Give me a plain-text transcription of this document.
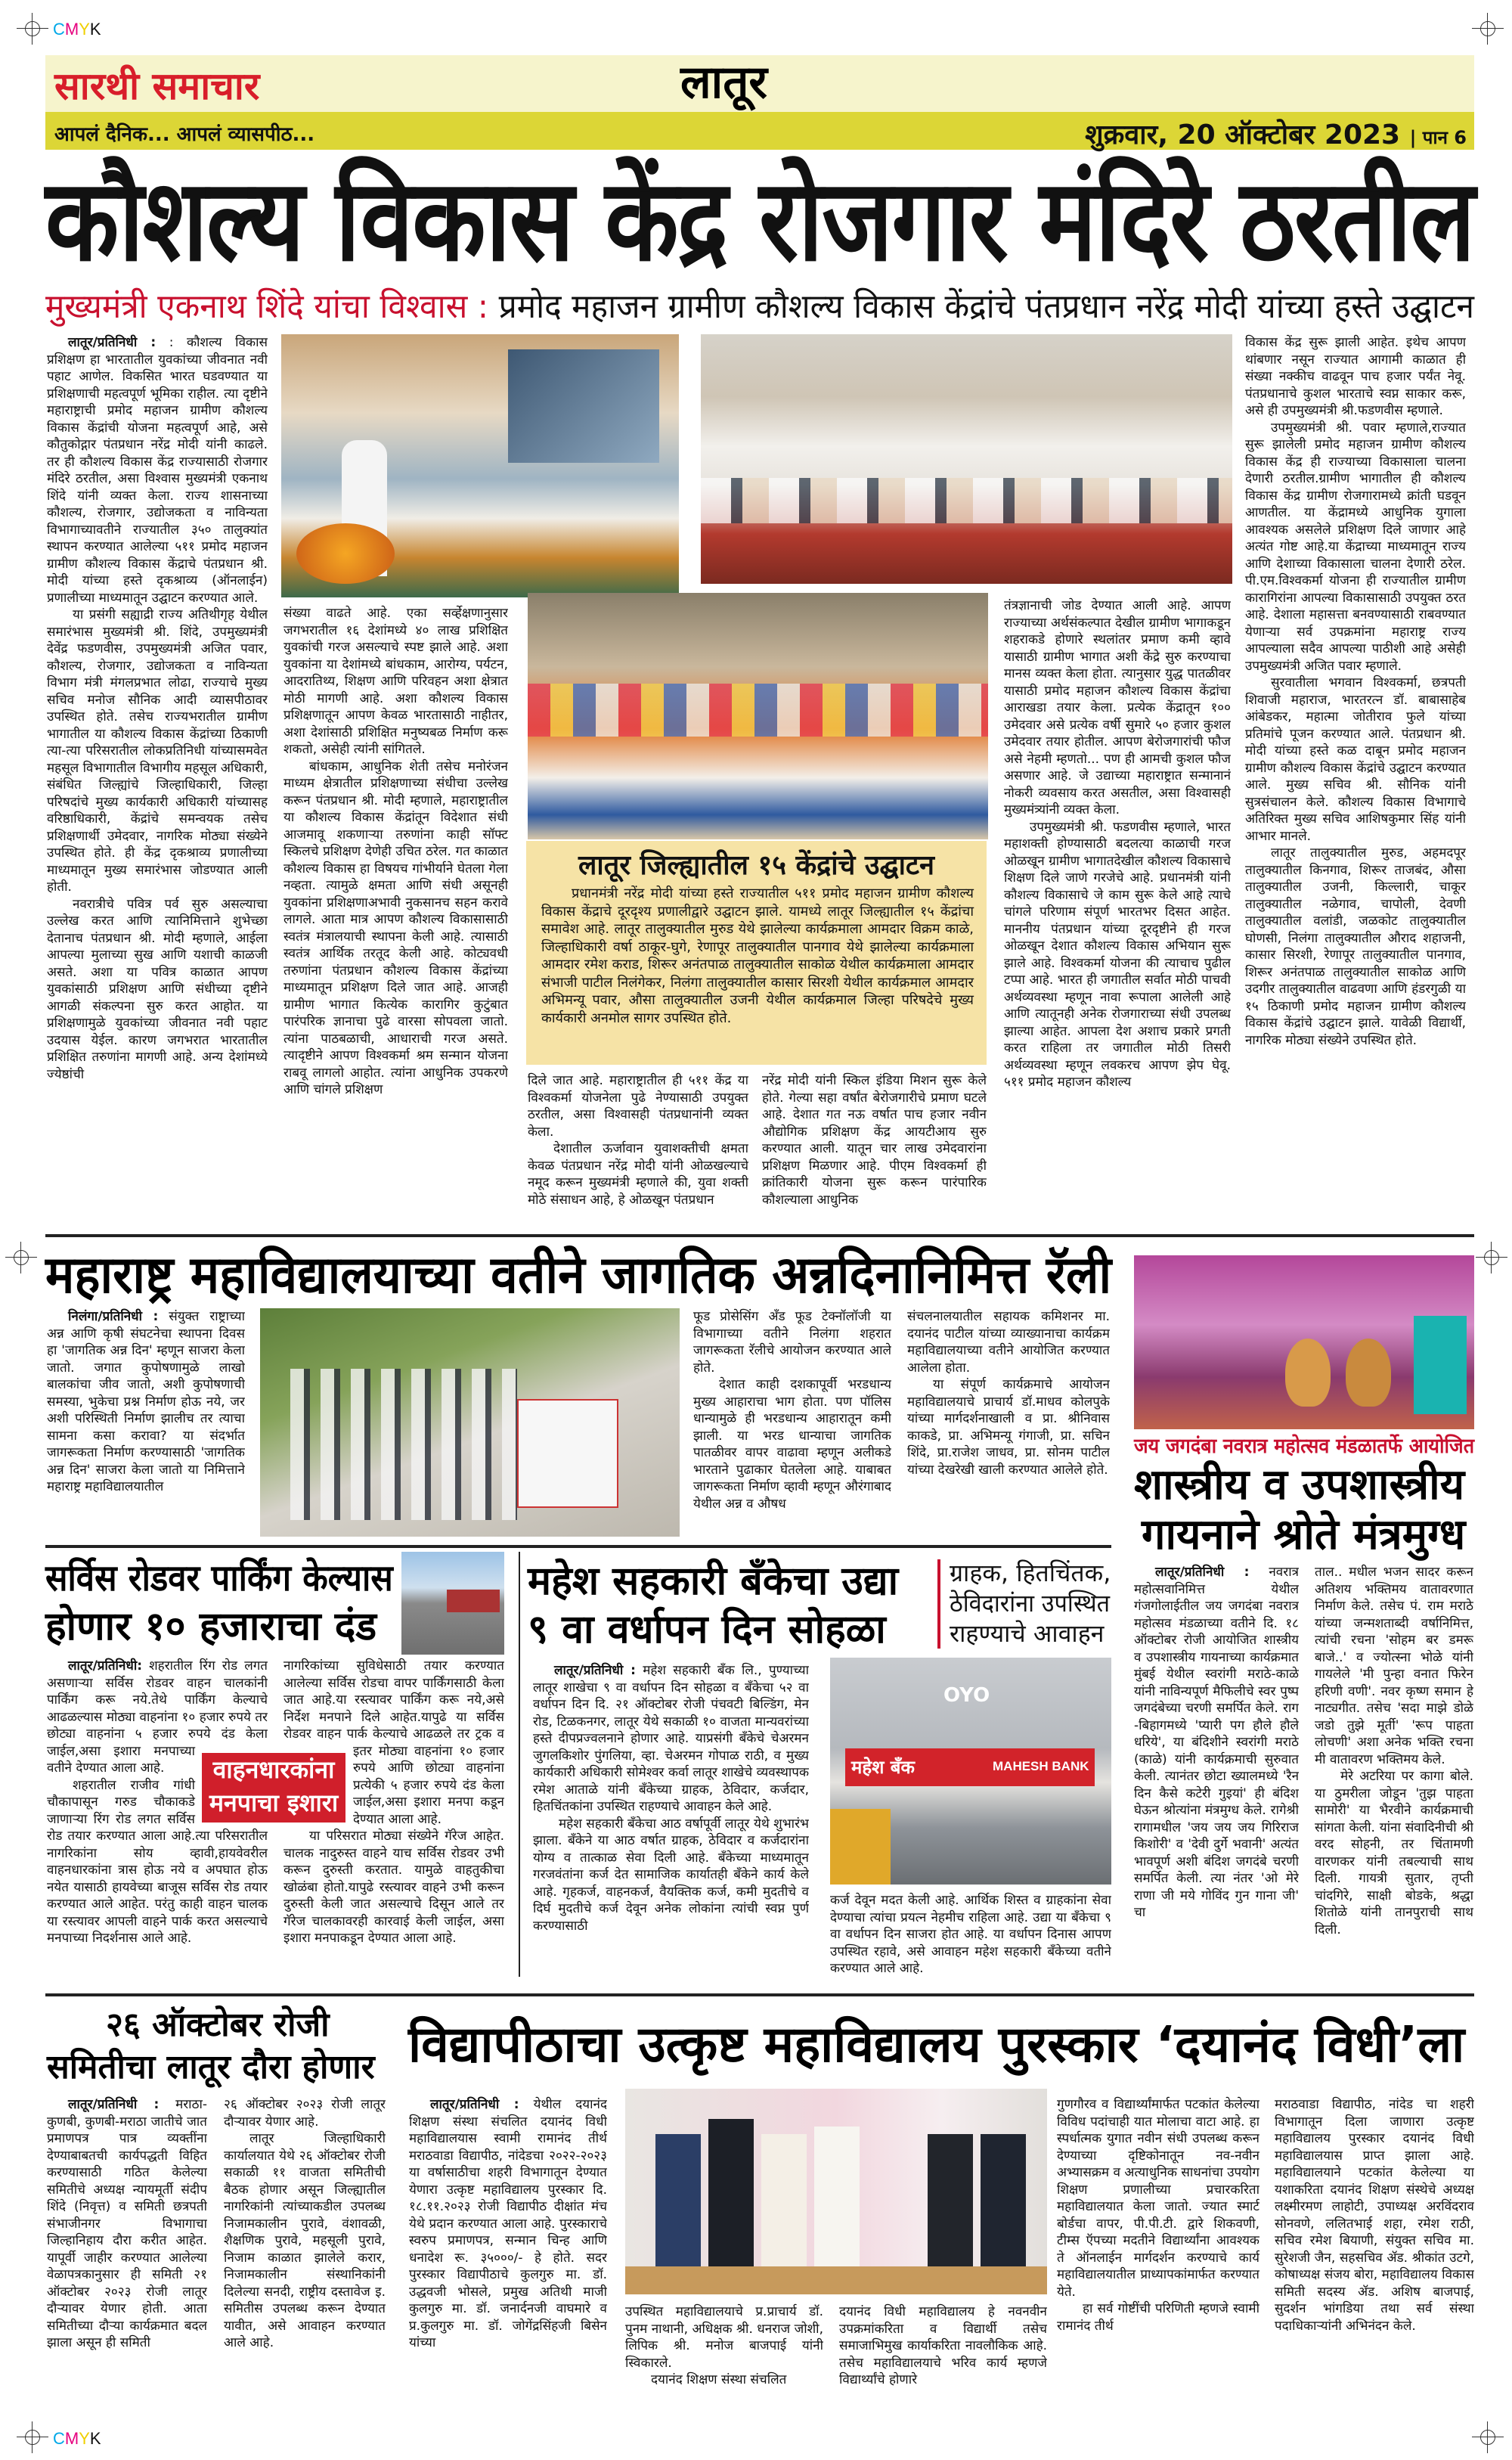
CMYK
CMYK
सारथी समाचार	लातूर
आपलं दैनिक... आपलं व्यासपीठ...	शुक्रवार, 20 ऑक्टोबर 2023 | पान 6
कौशल्य विकास केंद्र रोजगार मंदिरे ठरतील
मुख्यमंत्री एकनाथ शिंदे यांचा विश्वास : प्रमोद महाजन ग्रामीण कौशल्य विकास केंद्रांचे पंतप्रधान नरेंद्र मोदी यांच्या हस्ते उद्घाटन

लातूर/प्रतिनिधी : : कौशल्य विकास प्रशिक्षण हा भारतातील युवकांच्या जीवनात नवी पहाट आणेल. विकसित भारत घडवण्यात या प्रशिक्षणाची महत्वपूर्ण भूमिका राहील. त्या दृष्टीने महाराष्ट्राची प्रमोद महाजन ग्रामीण कौशल्य विकास केंद्रांची योजना महत्वपूर्ण आहे, असे कौतुकोद्गार पंतप्रधान नरेंद्र मोदी यांनी काढले. तर ही कौशल्य विकास केंद्र राज्यासाठी रोजगार मंदिरे ठरतील, असा विश्वास मुख्यमंत्री एकनाथ शिंदे यांनी व्यक्त केला. राज्य शासनाच्या कौशल्य, रोजगार, उद्योजकता व नाविन्यता विभागाच्यावतीने राज्यातील ३५० तालुक्यांत स्थापन करण्यात आलेल्या ५११ प्रमोद महाजन ग्रामीण कौशल्य विकास केंद्राचे पंतप्रधान श्री. मोदी यांच्या हस्ते दृकश्राव्य (ऑनलाईन) प्रणालीच्या माध्यमातून उद्घाटन करण्यात आले.

या प्रसंगी सह्याद्री राज्य अतिथीगृह येथील समारंभास मुख्यमंत्री श्री. शिंदे, उपमुख्यमंत्री देवेंद्र फडणवीस, उपमुख्यमंत्री अजित पवार, कौशल्य, रोजगार, उद्योजकता व नाविन्यता विभाग मंत्री मंगलप्रभात लोढा, राज्याचे मुख्य सचिव मनोज सौनिक आदी व्यासपीठावर उपस्थित होते. तसेच राज्यभरातील ग्रामीण भागातील या कौशल्य विकास केंद्रांच्या ठिकाणी त्या-त्या परिसरातील लोकप्रतिनिधी यांच्यासमवेत महसूल विभागातील विभागीय महसूल अधिकारी, संबंधित जिल्ह्यांचे जिल्हाधिकारी, जिल्हा परिषदांचे मुख्य कार्यकारी अधिकारी यांच्यासह वरिष्ठाधिकारी, केंद्रांचे समन्वयक तसेच प्रशिक्षणार्थी उमेदवार, नागरिक मोठ्या संख्येने उपस्थित होते. ही केंद्र दृकश्राव्य प्रणालीच्या माध्यमातून मुख्य समारंभास जोडण्यात आली होती.

नवरात्रीचे पवित्र पर्व सुरु असल्याचा उल्लेख करत आणि त्यानिमित्ताने शुभेच्छा देतानाच पंतप्रधान श्री. मोदी म्हणाले, आईला आपल्या मुलाच्या सुख आणि यशाची काळजी असते. अशा या पवित्र काळात आपण युवकांसाठी प्रशिक्षण आणि संधीच्या दृष्टीने आगळी संकल्पना सुरु करत आहोत. या प्रशिक्षणामुळे युवकांच्या जीवनात नवी पहाट उदयास येईल. कारण जगभरात भारतातील प्रशिक्षित तरुणांना मागणी आहे. अन्य देशांमध्ये ज्येष्ठांची

संख्या वाढते आहे. एका सर्व्हेक्षणानुसार जगभरातील १६ देशांमध्ये ४० लाख प्रशिक्षित युवकांची गरज असल्याचे स्पष्ट झाले आहे. अशा युवकांना या देशांमध्ये बांधकाम, आरोग्य, पर्यटन, आदरातिथ्य, शिक्षण आणि परिवहन अशा क्षेत्रात मोठी मागणी आहे. अशा कौशल्य विकास प्रशिक्षणातून आपण केवळ भारतासाठी नाहीतर, अशा देशांसाठी प्रशिक्षित मनुष्यबळ निर्माण करू शकतो, असेही त्यांनी सांगितले.

बांधकाम, आधुनिक शेती तसेच मनोरंजन माध्यम क्षेत्रातील प्रशिक्षणाच्या संधीचा उल्लेख करून पंतप्रधान श्री. मोदी म्हणाले, महाराष्ट्रातील या कौशल्य विकास केंद्रांतून विदेशात संधी आजमावू शकणाऱ्या तरुणांना काही सॉफ्ट स्किलचे प्रशिक्षण देणेही उचित ठरेल. गत काळात कौशल्य विकास हा विषयच गांभीर्याने घेतला गेला नव्हता. त्यामुळे क्षमता आणि संधी असूनही युवकांना प्रशिक्षणाअभावी नुकसानच सहन करावे लागले. आता मात्र आपण कौशल्य विकासासाठी स्वतंत्र मंत्रालयाची स्थापना केली आहे. त्यासाठी स्वतंत्र आर्थिक तरतूद केली आहे. कोट्यवधी तरुणांना पंतप्रधान कौशल्य विकास केंद्रांच्या माध्यमातून प्रशिक्षण दिले जात आहे. आजही ग्रामीण भागात कित्येक कारागिर कुटुंबात पारंपरिक ज्ञानाचा पुढे वारसा सोपवला जातो. त्यांना पाठबळाची, आधाराची गरज असते. त्यादृष्टीने आपण विश्वकर्मा श्रम सन्मान योजना राबवू लागलो आहोत. त्यांना आधुनिक उपकरणे आणि चांगले प्रशिक्षण

लातूर जिल्ह्यातील १५ केंद्रांचे उद्घाटन
प्रधानमंत्री नरेंद्र मोदी यांच्या हस्ते राज्यातील ५११ प्रमोद महाजन ग्रामीण कौशल्य विकास केंद्राचे दूरदृश्य प्रणालीद्वारे उद्घाटन झाले. यामध्ये लातूर जिल्ह्यातील १५ केंद्रांचा समावेश आहे. लातूर तालुक्यातील मुरुड येथे झालेल्या कार्यक्रमाला आमदार विक्रम काळे, जिल्हाधिकारी वर्षा ठाकूर-घुगे, रेणापूर तालुक्यातील पानगाव येथे झालेल्या कार्यक्रमाला आमदार रमेश कराड, शिरूर अनंतपाळ तालुक्यातील साकोळ येथील कार्यक्रमाला आमदार संभाजी पाटील निलंगेकर, निलंगा तालुक्यातील कासार सिरशी येथील कार्यक्रमाल आमदार अभिमन्यू पवार, औसा तालुक्यातील उजनी येथील कार्यक्रमाल जिल्हा परिषदेचे मुख्य कार्यकारी अनमोल सागर उपस्थित होते.

दिले जात आहे. महाराष्ट्रातील ही ५११ केंद्र या विश्वकर्मा योजनेला पुढे नेण्यासाठी उपयुक्त ठरतील, असा विश्वासही पंतप्रधानांनी व्यक्त केला.

देशातील ऊर्जावान युवाशक्तीची क्षमता केवळ पंतप्रधान नरेंद्र मोदी यांनी ओळखल्याचे नमूद करून मुख्यमंत्री म्हणाले की, युवा शक्ती मोठे संसाधन आहे, हे ओळखून पंतप्रधान

नरेंद्र मोदी यांनी स्किल इंडिया मिशन सुरू केले होते. गेल्या सहा वर्षांत बेरोजगारीचे प्रमाण घटले आहे. देशात गत नऊ वर्षात पाच हजार नवीन औद्योगिक प्रशिक्षण केंद्र आयटीआय सुरु करण्यात आली. यातून चार लाख उमेदवारांना प्रशिक्षण मिळणार आहे. पीएम विश्वकर्मा ही क्रांतिकारी योजना सुरू करून पारंपारिक कौशल्याला आधुनिक

तंत्रज्ञानाची जोड देण्यात आली आहे. आपण राज्याच्या अर्थसंकल्पात देखील ग्रामीण भागाकडून शहराकडे होणारे स्थलांतर प्रमाण कमी व्हावे यासाठी ग्रामीण भागात अशी केंद्रे सुरु करण्याचा मानस व्यक्त केला होता. त्यानुसार युद्ध पातळीवर यासाठी प्रमोद महाजन कौशल्य विकास केंद्रांचा आराखडा तयार केला. प्रत्येक केंद्रातून १०० उमेदवार असे प्रत्येक वर्षी सुमारे ५० हजार कुशल उमेदवार तयार होतील. आपण बेरोजगारांची फौज असे नेहमी म्हणतो... पण ही आमची कुशल फौज असणार आहे. जे उद्याच्या महाराष्ट्रात सन्मानानं नोकरी व्यवसाय करत असतील, असा विश्वासही मुख्यमंत्र्यांनी व्यक्त केला.

उपमुख्यमंत्री श्री. फडणवीस म्हणाले, भारत महाशक्ती होण्यासाठी बदलत्या काळाची गरज ओळखून ग्रामीण भागातदेखील कौशल्य विकासाचे शिक्षण दिले जाणे गरजेचे आहे. प्रधानमंत्री यांनी कौशल्य विकासाचे जे काम सुरू केले आहे त्याचे चांगले परिणाम संपूर्ण भारतभर दिसत आहेत. माननीय पंतप्रधान यांच्या दूरदृष्टीने ही गरज ओळखून देशात कौशल्य विकास अभियान सुरू झाले आहे. विश्वकर्मा योजना की त्याचाच पुढील टप्पा आहे. भारत ही जगातील सर्वात मोठी पाचवी अर्थव्यवस्था म्हणून नावा रूपाला आलेली आहे आणि त्यातूनही अनेक रोजगाराच्या संधी उपलब्ध झाल्या आहेत. आपला देश अशाच प्रकारे प्रगती करत राहिला तर जगातील मोठी तिसरी अर्थव्यवस्था म्हणून लवकरच आपण झेप घेवू. ५११ प्रमोद महाजन कौशल्य

विकास केंद्र सुरू झाली आहेत. इथेच आपण थांबणार नसून राज्यात आगामी काळात ही संख्या नक्कीच वाढवून पाच हजार पर्यंत नेवू. पंतप्रधानाचे कुशल भारताचे स्वप्न साकार करू, असे ही उपमुख्यमंत्री श्री.फडणवीस म्हणाले.

उपमुख्यमंत्री श्री. पवार म्हणाले,राज्यात सुरू झालेली प्रमोद महाजन ग्रामीण कौशल्य विकास केंद्र ही राज्याच्या विकासाला चालना देणारी ठरतील.ग्रामीण भागातील ही कौशल्य विकास केंद्र ग्रामीण रोजगारामध्ये क्रांती घडवून आणतील. या केंद्रामध्ये आधुनिक युगाला आवश्यक असलेले प्रशिक्षण दिले जाणार आहे अत्यंत गोष्ट आहे.या केंद्राच्या माध्यमातून राज्य आणि देशाच्या विकासाला चालना देणारी ठरेल. पी.एम.विश्वकर्मा योजना ही राज्यातील ग्रामीण कारागिरांना आपल्या विकासासाठी उपयुक्त ठरत आहे. देशाला महासत्ता बनवण्यासाठी राबवण्यात येणाऱ्या सर्व उपक्रमांना महाराष्ट्र राज्य आपल्याला सदैव आपल्या पाठीशी आहे असेही उपमुख्यमंत्री अजित पवार म्हणाले.

सुरवातीला भगवान विश्वकर्मा, छत्रपती शिवाजी महाराज, भारतरत्न डॉ. बाबासाहेब आंबेडकर, महात्मा जोतीराव फुले यांच्या प्रतिमांचे पूजन करण्यात आले. पंतप्रधान श्री. मोदी यांच्या हस्ते कळ दाबून प्रमोद महाजन ग्रामीण कौशल्य विकास केंद्रांचे उद्घाटन करण्यात आले. मुख्य सचिव श्री. सौनिक यांनी सुत्रसंचालन केले. कौशल्य विकास विभागाचे अतिरिक्त मुख्य सचिव आशिषकुमार सिंह यांनी आभार मानले.

लातूर तालुक्यातील मुरुड, अहमदपूर तालुक्यातील किनगाव, शिरूर ताजबंद, औसा तालुक्यातील उजनी, किल्लारी, चाकूर तालुक्यातील नळेगाव, चापोली, देवणी तालुक्यातील वलांडी, जळकोट तालुक्यातील घोणसी, निलंगा तालुक्यातील औराद शहाजनी, कासार सिरशी, रेणापूर तालुक्यातील पानगाव, शिरूर अनंतपाळ तालुक्यातील साकोळ आणि उदगीर तालुक्यातील वाढवणा आणि हंडरगुळी या १५ ठिकाणी प्रमोद महाजन ग्रामीण कौशल्य विकास केंद्रांचे उद्घाटन झाले. यावेळी विद्यार्थी, नागरिक मोठ्या संख्येने उपस्थित होते.

महाराष्ट्र महाविद्यालयाच्या वतीने जागतिक अन्नदिनानिमित्त रॅली

निलंगा/प्रतिनिधी : संयुक्त राष्ट्राच्या अन्न आणि कृषी संघटनेचा स्थापना दिवस हा 'जागतिक अन्न दिन' म्हणून साजरा केला जातो. जगात कुपोषणामुळे लाखो बालकांचा जीव जातो, अशी कुपोषणाची समस्या, भुकेचा प्रश्न निर्माण होऊ नये, जर अशी परिस्थिती निर्माण झालीच तर त्याचा सामना कसा करावा? या संदर्भात जागरूकता निर्माण करण्यासाठी 'जागतिक अन्न दिन' साजरा केला जातो या निमित्ताने महाराष्ट्र महाविद्यालयातील

फूड प्रोसेसिंग अँड फूड टेक्नॉलॉजी या विभागाच्या वतीने निलंगा शहरात जागरूकता रॅलीचे आयोजन करण्यात आले होते.

देशात काही दशकापूर्वी भरडधान्य मुख्य आहाराचा भाग होता. पण पॉलिस धान्यामुळे ही भरडधान्य आहारातून कमी झाली. या भरड धान्याचा जागतिक पातळीवर वापर वाढावा म्हणून अलीकडे भारताने पुढाकार घेतलेला आहे. याबाबत जागरूकता निर्माण व्हावी म्हणून औरंगाबाद येथील अन्न व औषध

संचलनालयातील सहायक कमिशनर मा. दयानंद पाटील यांच्या व्याख्यानाचा कार्यक्रम महाविद्यालयाच्या वतीने आयोजित करण्यात आलेला होता.

या संपूर्ण कार्यक्रमाचे आयोजन महाविद्यालयाचे प्राचार्य डॉ.माधव कोलपुके यांच्या मार्गदर्शनाखाली व प्रा. श्रीनिवास काकडे, प्रा. अभिमन्यू गंगाजी, प्रा. सचिन शिंदे, प्रा.राजेश जाधव, प्रा. सोनम पाटील यांच्या देखरेखी खाली करण्यात आलेले होते.

जय जगदंबा नवरात्र महोत्सव मंडळातर्फे आयोजित
शास्त्रीय व उपशास्त्रीय
गायनाने श्रोते मंत्रमुग्ध

लातूर/प्रतिनिधी : नवरात्र महोत्सवानिमित्त येथील गंजगोलाईतील जय जगदंबा नवरात्र महोत्सव मंडळाच्या वतीने दि. १८ ऑक्टोबर रोजी आयोजित शास्त्रीय व उपशास्त्रीय गायनाच्या कार्यक्रमात मुंबई येथील स्वरांगी मराठे-काळे यांनी नाविन्यपूर्ण मैफिलीचे स्वर पुष्प जगदंबेच्या चरणी समर्पित केले. राग -बिहागमध्ये 'प्यारी पग हौले हौले धरिये', या बंदिशीने स्वरांगी मराठे (काळे) यांनी कार्यक्रमाची सुरुवात केली. त्यानंतर छोटा ख्यालमध्ये 'रैन दिन कैसे कटेरी गुइयां' ही बंदिश घेऊन श्रोत्यांना मंत्रमुग्ध केले. रागेश्री रागामधील 'जय जय जय गिरिराज किशोरी' व 'देवी दुर्गे भवानी' अत्यंत भावपूर्ण अशी बंदिश जगदंबे चरणी समर्पित केली. त्या नंतर 'ओ मेरे राणा जी मये गोविंद गुन गाना जी' चा

ताल.. मधील भजन सादर करून अतिशय भक्तिमय वातावरणात निर्माण केले. तसेच पं. राम मराठे यांच्या जन्मशताब्दी वर्षानिमित्त, त्यांची रचना 'सोहम बर डमरू बाजे..' व ज्योत्स्ना भोळे यांनी गायलेले 'मी पुन्हा वनात फिरेन हरिणी वणी'. नवर कृष्ण समान हे नाट्यगीत. तसेच 'सदा माझे डोळे जडो तुझे मूर्ती' 'रूप पाहता लोचणी' अशा अनेक भक्ति रचना मी वातावरण भक्तिमय केले.

मेरे अटरिया पर कागा बोले. या ठुमरीला जोडून 'तुझ पाहता सामोरी' या भैरवीने कार्यक्रमाची सांगता केली. यांना संवादिनीची श्री वरद सोहनी, तर चिंतामणी वारणकर यांनी तबल्याची साथ दिली. गायत्री सुतार, तृप्ती चांदगिरे, साक्षी बोडके, श्रद्धा शितोळे यांनी तानपुराची साथ दिली.

सर्विस रोडवर पार्किंग केल्यास
होणार १० हजाराचा दंड

लातूर/प्रतिनिधी: शहरातील रिंग रोड लगत असणाऱ्या सर्विस रोडवर वाहन चालकांनी पार्किंग करू नये.तेथे पार्किंग केल्याचे आढळल्यास मोठ्या वाहनांना १० हजार रुपये तर छोट्या वाहनांना ५ हजार रुपये दंड केला जाईल,असा इशारा मनपाच्या वतीने देण्यात आला आहे.

शहरातील राजीव गांधी चौकापासून गरुड चौकाकडे जाणाऱ्या रिंग रोड लगत सर्विस रोड तयार करण्यात आला आहे.त्या परिसरातील नागरिकांना सोय व्हावी,हायवेवरील वाहनधारकांना त्रास होऊ नये व अपघात होऊ नयेत यासाठी हायवेच्या बाजूस सर्विस रोड तयार करण्यात आले आहेत. परंतु काही वाहन चालक या रस्त्यावर आपली वाहने पार्क करत असल्याचे मनपाच्या निदर्शनास आले आहे.

नागरिकांच्या सुविधेसाठी तयार करण्यात आलेल्या सर्विस रोडचा वापर पार्किंगसाठी केला जात आहे.या रस्त्यावर पार्किंग करू नये,असे निर्देश मनपाने दिले आहेत.यापुढे या सर्विस रोडवर वाहन पार्क केल्याचे आढळले तर ट्रक व इतर मोठ्या वाहनांना १० हजार रुपये आणि छोट्या वाहनांना प्रत्येकी ५ हजार रुपये दंड केला जाईल,असा इशारा मनपा कडून देण्यात आला आहे.

या परिसरात मोठ्या संख्येने गॅरेज आहेत. चालक नादुरुस्त वाहने याच सर्विस रोडवर उभी करून दुरुस्ती करतात. यामुळे वाहतुकीचा खोळंबा होतो.यापुढे रस्त्यावर वाहने उभी करून दुरुस्ती केली जात असल्याचे दिसून आले तर गॅरेज चालकावरही कारवाई केली जाईल, असा इशारा मनपाकडून देण्यात आला आहे.

वाहनधारकांना
मनपाचा इशारा
महेश सहकारी बँकेचा उद्या
९ वा वर्धापन दिन सोहळा
ग्राहक, हितचिंतक,
ठेविदारांना उपस्थित
राहण्याचे आवाहन

लातूर/प्रतिनिधी : महेश सहकारी बँक लि., पुण्याच्या लातूर शाखेचा ९ वा वर्धापन दिन सोहळा व बँकेचा ५२ वा वर्धापन दिन दि. २१ ऑक्टोबर रोजी पंचवटी बिल्डिंग, मेन रोड, टिळकनगर, लातूर येथे सकाळी १० वाजता मान्यवरांच्या हस्ते दीपप्रज्वलनाने होणार आहे. याप्रसंगी बँकेचे चेअरमन जुगलकिशोर पुंगलिया, व्हा. चेअरमन गोपाळ राठी, व मुख्य कार्यकारी अधिकारी सोमेश्वर कर्वा लातूर शाखेचे व्यवस्थापक रमेश आताळे यांनी बँकेच्या ग्राहक, ठेविदार, कर्जदार, हितचिंतकांना उपस्थित राहण्याचे आवाहन केले आहे.

महेश सहकारी बँकेचा आठ वर्षापूर्वी लातूर येथे शुभारंभ झाला. बँकेने या आठ वर्षात ग्राहक, ठेविदार व कर्जदारांना योग्य व तात्काळ सेवा दिली आहे. बँकेच्या माध्यमातून गरजवंतांना कर्ज देत सामाजिक कार्यातही बँकेने कार्य केले आहे. गृहकर्ज, वाहनकर्ज, वैयक्तिक कर्ज, कमी मुदतीचे व दिर्घ मुदतीचे कर्ज देवून अनेक लोकांना त्यांची स्वप्न पुर्ण करण्यासाठी

OYO
महेश बँक	MAHESH BANK

कर्ज देवून मदत केली आहे. आर्थिक शिस्त व ग्राहकांना सेवा देण्याचा त्यांचा प्रयत्न नेहमीच राहिला आहे. उद्या या बँकेचा ९ वा वर्धापन दिन साजरा होत आहे. या वर्धापन दिनास आपण उपस्थित रहावे, असे आवाहन महेश सहकारी बँकेच्या वतीने करण्यात आले आहे.

२६ ऑक्टोबर रोजी
समितीचा लातूर दौरा होणार

लातूर/प्रतिनिधी : मराठा-कुणबी, कुणबी-मराठा जातीचे जात प्रमाणपत्र पात्र व्यक्तींना देण्याबाबतची कार्यपद्धती विहित करण्यासाठी गठित केलेल्या समितीचे अध्यक्ष न्यायमूर्ती संदीप शिंदे (निवृत्त) व समिती छत्रपती संभाजीनगर विभागाचा जिल्हानिहाय दौरा करीत आहेत. यापूर्वी जाहीर करण्यात आलेल्या वेळापत्रकानुसार ही समिती २१ ऑक्टोबर २०२३ रोजी लातूर दौऱ्यावर येणार होती. आता समितीच्या दौऱ्या कार्यक्रमात बदल झाला असून ही समिती

२६ ऑक्टोबर २०२३ रोजी लातूर दौऱ्यावर येणार आहे.

लातूर जिल्हाधिकारी कार्यालयात येथे २६ ऑक्टोबर रोजी सकाळी ११ वाजता समितीची बैठक होणार असून जिल्ह्यातील नागरिकांनी त्यांच्याकडील उपलब्ध निजामकालीन पुरावे, वंशावळी, शैक्षणिक पुरावे, महसूली पुरावे, निजाम काळात झालेले करार, निजामकालीन संस्थानिकांनी दिलेल्या सनदी, राष्ट्रीय दस्तावेज इ. समितीस उपलब्ध करून देण्यात यावीत, असे आवाहन करण्यात आले आहे.

विद्यापीठाचा उत्कृष्ट महाविद्यालय पुरस्कार ‘दयानंद विधी’ला

लातूर/प्रतिनिधी : येथील दयानंद शिक्षण संस्था संचलित दयानंद विधी महाविद्यालयास स्वामी रामानंद तीर्थ मराठवाडा विद्यापीठ, नांदेडचा २०२२-२०२३ या वर्षासाठीचा शहरी विभागातून देण्यात येणारा उत्कृष्ट महाविद्यालय पुरस्कार दि. १८.११.२०२३ रोजी विद्यापीठ दीक्षांत मंच येथे प्रदान करण्यात आला आहे. पुरस्काराचे स्वरुप प्रमाणपत्र, सन्मान चिन्ह आणि धनादेश रू. ३५०००/- हे होते. सदर पुरस्कार विद्यापीठाचे कुलगुरु मा. डॉ. उद्धवजी भोसले, प्रमुख अतिथी माजी कुलगुरु मा. डॉ. जनार्दनजी वाघमारे व प्र.कुलगुरु मा. डॉ. जोगेंद्रसिंहजी बिसेन यांच्या

उपस्थित महाविद्यालयाचे प्र.प्राचार्य डॉ. पुनम नाथानी, अधिक्षक श्री. धनराज जोशी, लिपिक श्री. मनोज बाजपाई यांनी स्विकारले.

दयानंद शिक्षण संस्था संचलित

दयानंद विधी महाविद्यालय हे नवनवीन उपक्रमांकरिता व विद्यार्थी तसेच समाजाभिमुख कार्याकरिता नावलौकिक आहे. तसेच महाविद्यालयाचे भरिव कार्य म्हणजे विद्यार्थ्यांचे होणारे

गुणगौरव व विद्यार्थ्यांमार्फत पटकांत केलेल्या विविध पदांचाही यात मोलाचा वाटा आहे. हा स्पर्धात्मक युगात नवीन संधी उपलब्ध करून देण्याच्या दृष्टिकोनातून नव-नवीन अभ्यासक्रम व अत्याधुनिक साधनांचा उपयोग शिक्षण प्रणालीच्या प्रचारकरिता महाविद्यालयात केला जातो. ज्यात स्मार्ट बोर्डचा वापर, पी.पी.टी. द्वारे शिकवणी, टीम्स ऍपच्या मदतीने विद्यार्थ्यांना आवश्यक ते ऑनलाईन मार्गदर्शन करण्याचे कार्य महाविद्यालयातील प्राध्यापकांमार्फत करण्यात येते.

हा सर्व गोष्टींची परिणिती म्हणजे स्वामी रामानंद तीर्थ

मराठवाडा विद्यापीठ, नांदेड चा शहरी विभागातून दिला जाणारा उत्कृष्ट महाविद्यालय पुरस्कार दयानंद विधी महाविद्यालयास प्राप्त झाला आहे. महाविद्यालयाने पटकांत केलेल्या या यशाकरिता दयानंद शिक्षण संस्थेचे अध्यक्ष लक्ष्मीरमण लाहोटी, उपाध्यक्ष अरविंदराव सोनवणे, ललितभाई शहा, रमेश राठी, सचिव रमेश बियाणी, संयुक्त सचिव मा. सुरेशजी जैन, सहसचिव ॲड. श्रीकांत उटगे, कोषाध्यक्ष संजय बोरा, महाविद्यालय विकास समिती सदस्य ॲड. अशिष बाजपाई, सुदर्शन भांगडिया तथा सर्व संस्था पदाधिकाऱ्यांनी अभिनंदन केले.
